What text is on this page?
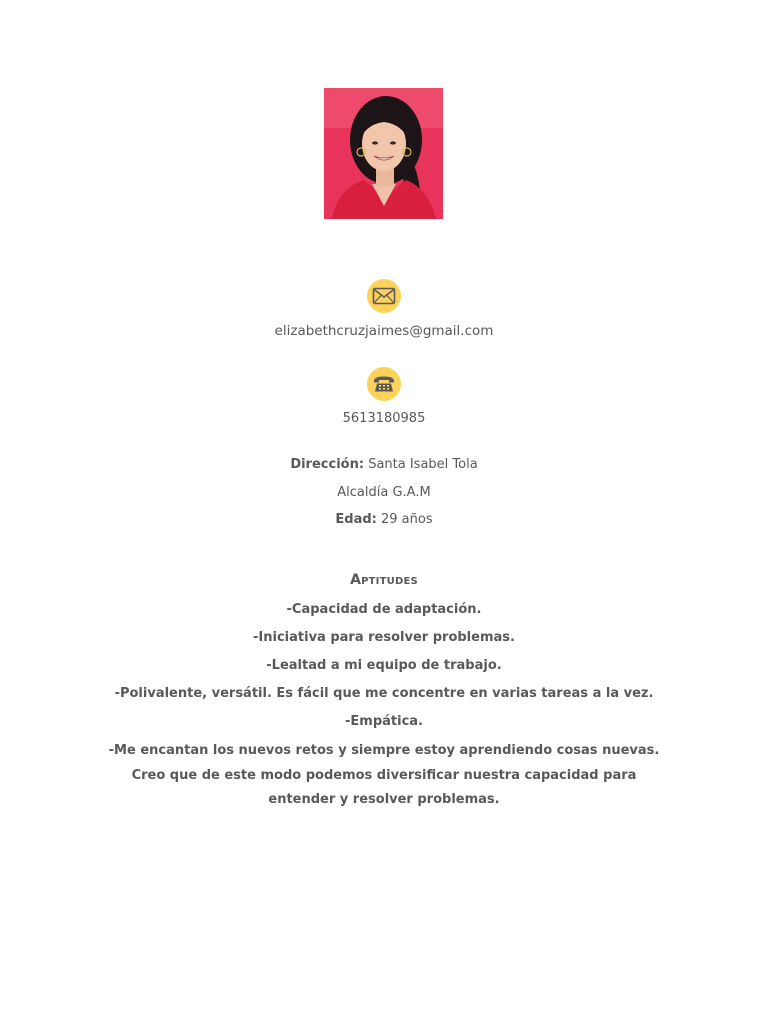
elizabethcruzjaimes@gmail.com
5613180985
Dirección: Santa Isabel Tola
Alcaldía G.A.M
Edad: 29 años
Aptitudes
-Capacidad de adaptación.
-Iniciativa para resolver problemas.
-Lealtad a mi equipo de trabajo.
-Polivalente, versátil. Es fácil que me concentre en varias tareas a la vez.
-Empática.
-Me encantan los nuevos retos y siempre estoy aprendiendo cosas nuevas. Creo que de este modo podemos diversificar nuestra capacidad para entender y resolver problemas.
